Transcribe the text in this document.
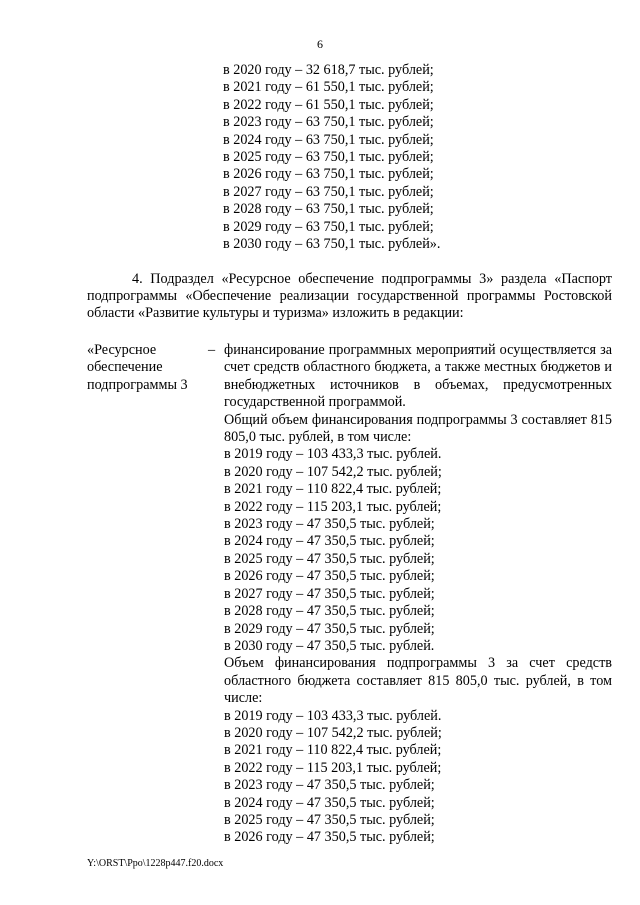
6
в 2020 году – 32 618,7 тыс. рублей;
в 2021 году – 61 550,1 тыс. рублей;
в 2022 году – 61 550,1 тыс. рублей;
в 2023 году – 63 750,1 тыс. рублей;
в 2024 году – 63 750,1 тыс. рублей;
в 2025 году – 63 750,1 тыс. рублей;
в 2026 году – 63 750,1 тыс. рублей;
в 2027 году – 63 750,1 тыс. рублей;
в 2028 году – 63 750,1 тыс. рублей;
в 2029 году – 63 750,1 тыс. рублей;
в 2030 году – 63 750,1 тыс. рублей».
4. Подраздел «Ресурсное обеспечение подпрограммы 3» раздела «Паспорт подпрограммы «Обеспечение реализации государственной программы Ростовской области «Развитие культуры и туризма» изложить в редакции:
«Ресурсное
обеспечение
подпрограммы 3
– финансирование программных мероприятий осуществляется за счет средств областного бюджета, а также местных бюджетов и внебюджетных источников в объемах, предусмотренных государственной программой.
Общий объем финансирования подпрограммы 3 составляет 815 805,0 тыс. рублей, в том числе:
в 2019 году – 103 433,3 тыс. рублей.
в 2020 году – 107 542,2 тыс. рублей;
в 2021 году – 110 822,4 тыс. рублей;
в 2022 году – 115 203,1 тыс. рублей;
в 2023 году – 47 350,5 тыс. рублей;
в 2024 году – 47 350,5 тыс. рублей;
в 2025 году – 47 350,5 тыс. рублей;
в 2026 году – 47 350,5 тыс. рублей;
в 2027 году – 47 350,5 тыс. рублей;
в 2028 году – 47 350,5 тыс. рублей;
в 2029 году – 47 350,5 тыс. рублей;
в 2030 году – 47 350,5 тыс. рублей.
Объем финансирования подпрограммы 3 за счет средств областного бюджета составляет 815 805,0 тыс. рублей, в том числе:
в 2019 году – 103 433,3 тыс. рублей.
в 2020 году – 107 542,2 тыс. рублей;
в 2021 году – 110 822,4 тыс. рублей;
в 2022 году – 115 203,1 тыс. рублей;
в 2023 году – 47 350,5 тыс. рублей;
в 2024 году – 47 350,5 тыс. рублей;
в 2025 году – 47 350,5 тыс. рублей;
в 2026 году – 47 350,5 тыс. рублей;
Y:\ORST\Ppo\1228p447.f20.docx
